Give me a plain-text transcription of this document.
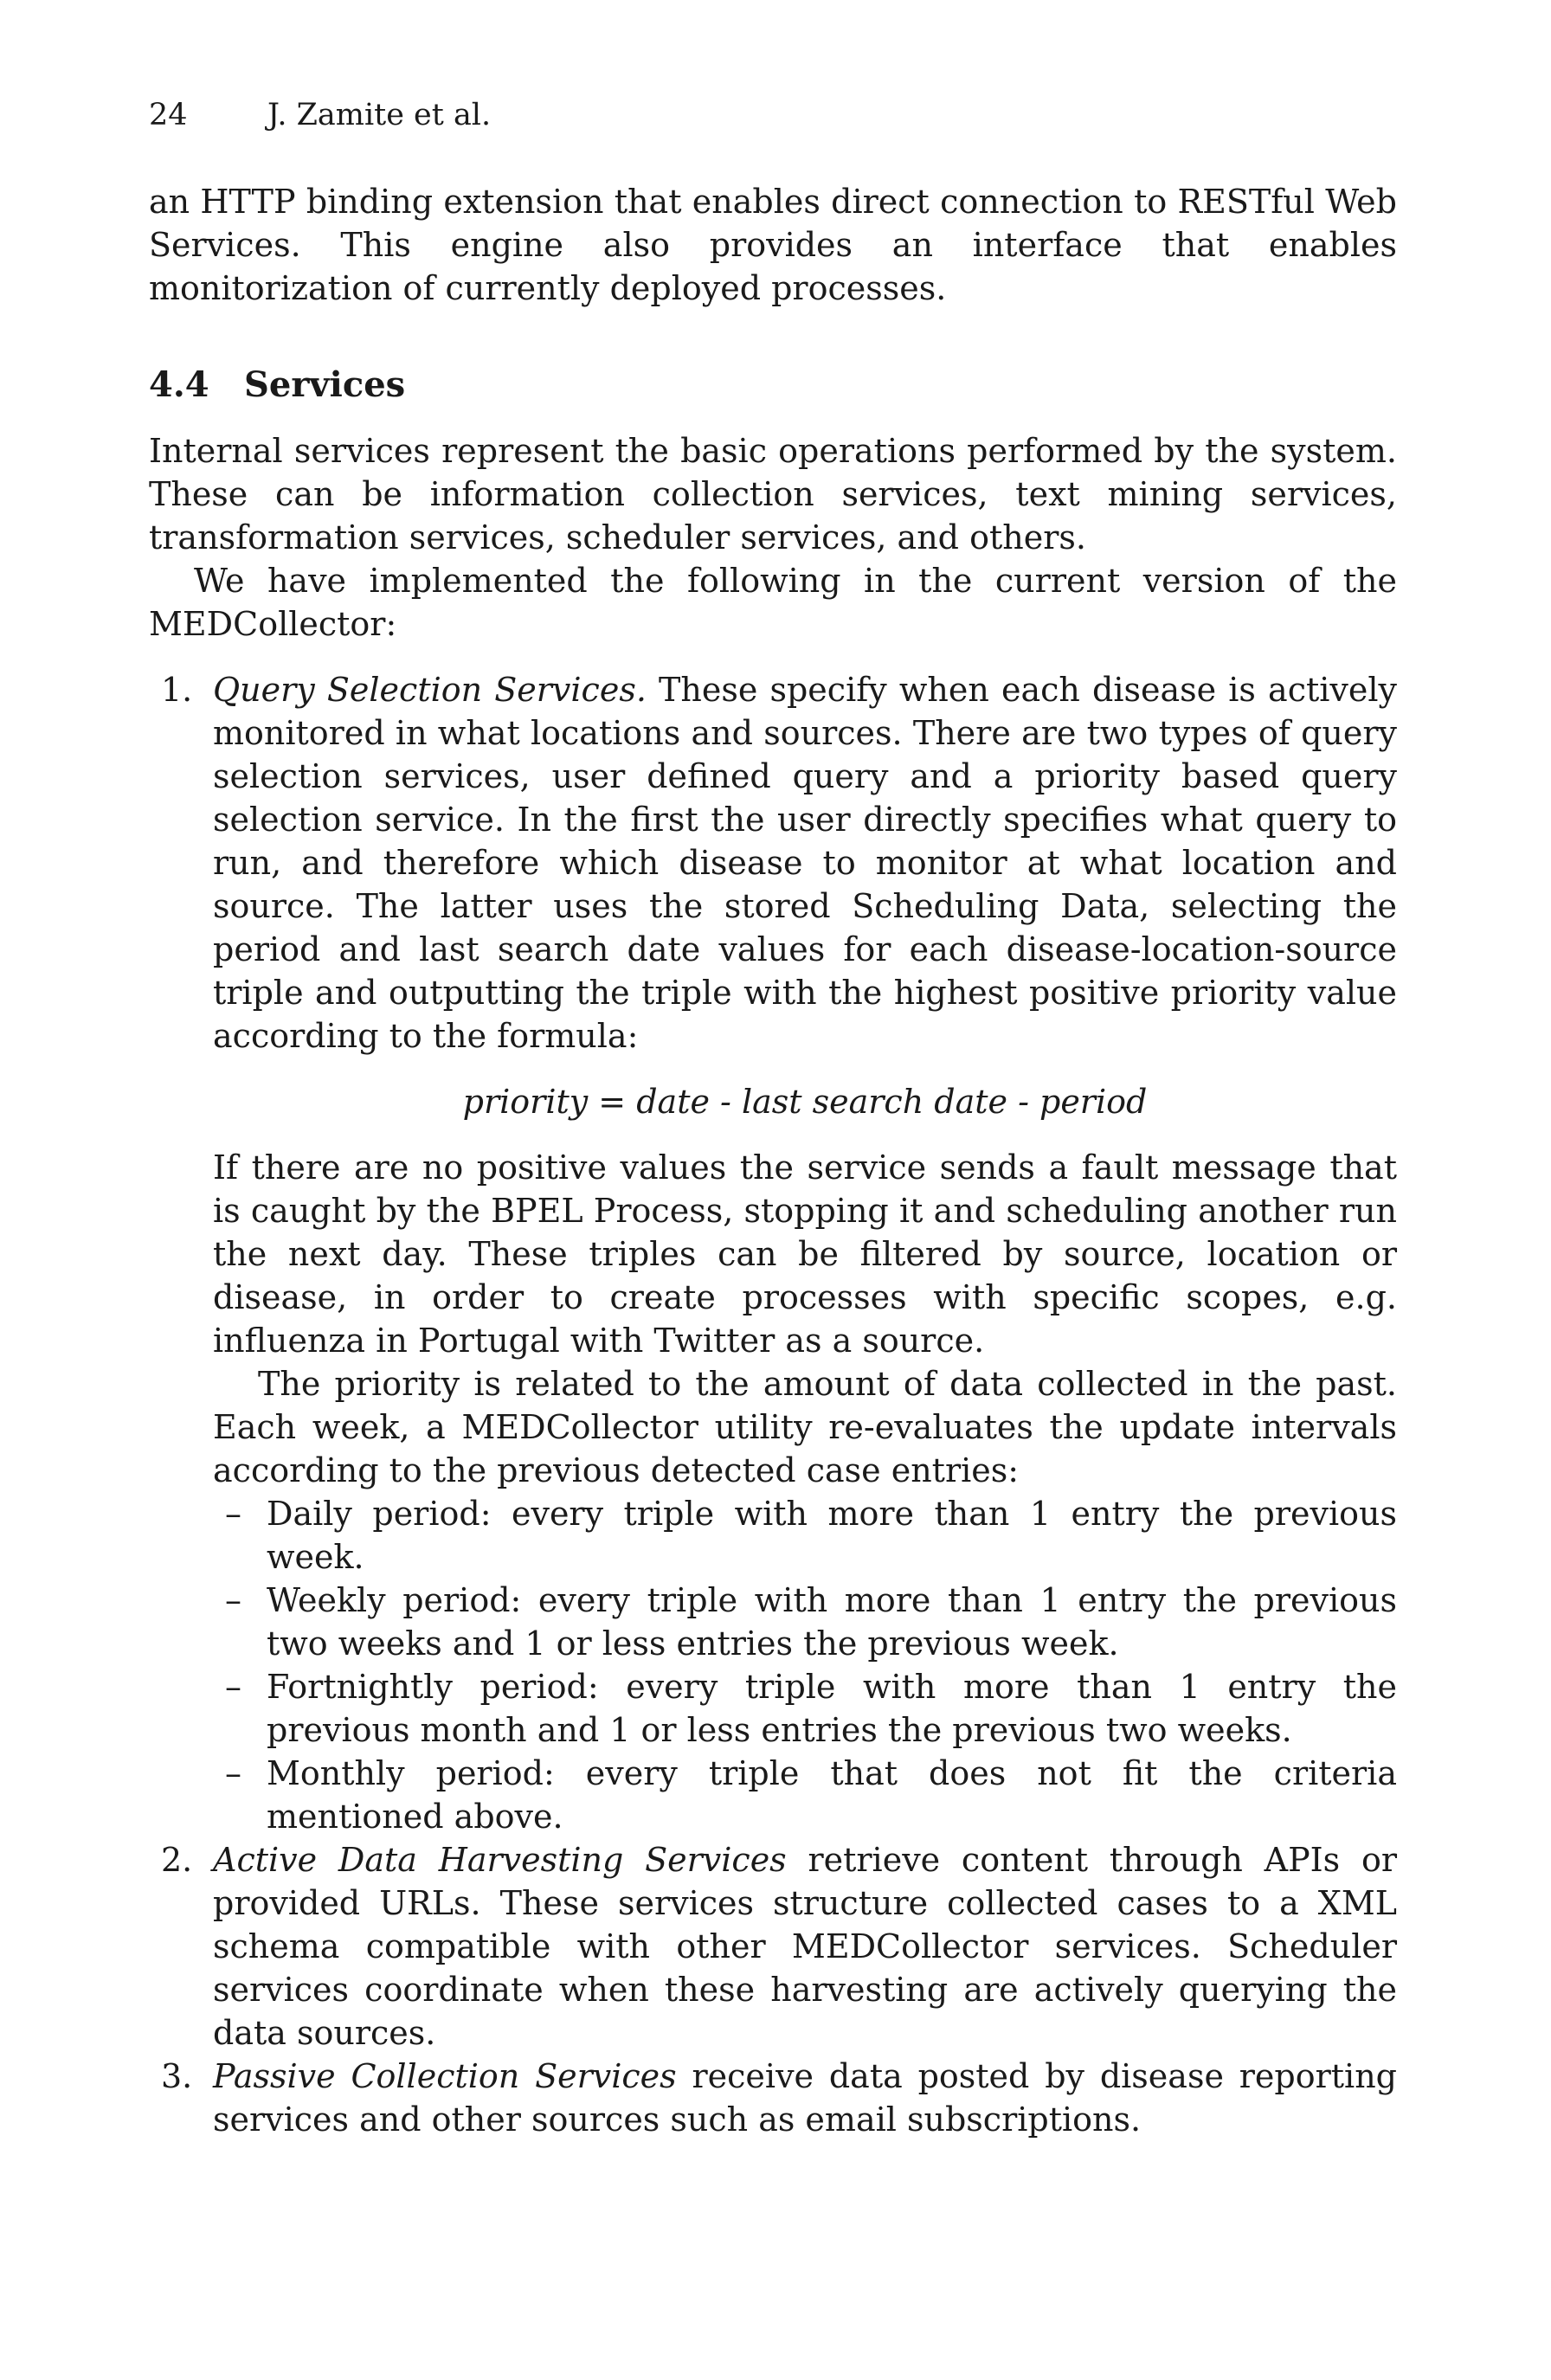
24	J. Zamite et al.

an HTTP binding extension that enables direct connection to RESTful Web Services. This engine also provides an interface that enables monitorization of currently deployed processes.

4.4	Services

Internal services represent the basic operations performed by the system. These can be information collection services, text mining services, transformation services, scheduler services, and others.

We have implemented the following in the current version of the MEDCollector:

1. Query Selection Services. These specify when each disease is actively monitored in what locations and sources. There are two types of query selection services, user defined query and a priority based query selection service. In the first the user directly specifies what query to run, and therefore which disease to monitor at what location and source. The latter uses the stored Scheduling Data, selecting the period and last search date values for each disease-location-source triple and outputting the triple with the highest positive priority value according to the formula:
priority = date - last search date - period

If there are no positive values the service sends a fault message that is caught by the BPEL Process, stopping it and scheduling another run the next day. These triples can be filtered by source, location or disease, in order to create processes with specific scopes, e.g. influenza in Portugal with Twitter as a source.

The priority is related to the amount of data collected in the past. Each week, a MEDCollector utility re-evaluates the update intervals according to the previous detected case entries:

– Daily period: every triple with more than 1 entry the previous week.
– Weekly period: every triple with more than 1 entry the previous two weeks and 1 or less entries the previous week.
– Fortnightly period: every triple with more than 1 entry the previous month and 1 or less entries the previous two weeks.
– Monthly period: every triple that does not fit the criteria mentioned above.
2. Active Data Harvesting Services retrieve content through APIs or provided URLs. These services structure collected cases to a XML schema compatible with other MEDCollector services. Scheduler services coordinate when these harvesting are actively querying the data sources.
3. Passive Collection Services receive data posted by disease reporting services and other sources such as email subscriptions.
